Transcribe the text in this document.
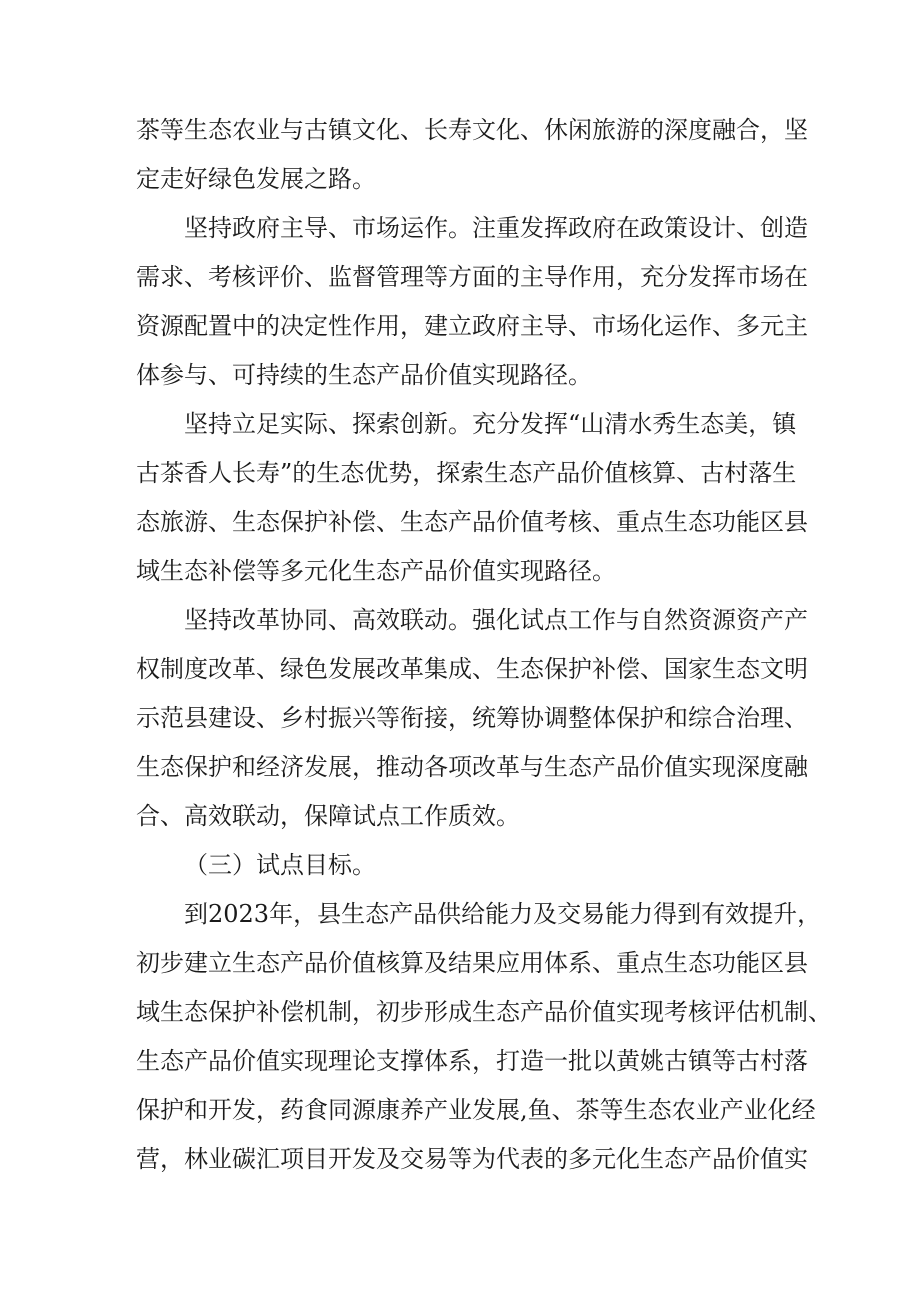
茶等生态农业与古镇文化、长寿文化、休闲旅游的深度融合，坚
定走好绿色发展之路。
坚持政府主导、市场运作。注重发挥政府在政策设计、创造
需求、考核评价、监督管理等方面的主导作用，充分发挥市场在
资源配置中的决定性作用，建立政府主导、市场化运作、多元主
体参与、可持续的生态产品价值实现路径。
坚持立足实际、探索创新。充分发挥“山清水秀生态美，镇
古茶香人长寿”的生态优势，探索生态产品价值核算、古村落生
态旅游、生态保护补偿、生态产品价值考核、重点生态功能区县
域生态补偿等多元化生态产品价值实现路径。
坚持改革协同、高效联动。强化试点工作与自然资源资产产
权制度改革、绿色发展改革集成、生态保护补偿、国家生态文明
示范县建设、乡村振兴等衔接，统筹协调整体保护和综合治理、
生态保护和经济发展，推动各项改革与生态产品价值实现深度融
合、高效联动，保障试点工作质效。
（三）试点目标。
到2023年，县生态产品供给能力及交易能力得到有效提升，
初步建立生态产品价值核算及结果应用体系、重点生态功能区县
域生态保护补偿机制，初步形成生态产品价值实现考核评估机制、
生态产品价值实现理论支撑体系，打造一批以黄姚古镇等古村落
保护和开发，药食同源康养产业发展,鱼、茶等生态农业产业化经
营，林业碳汇项目开发及交易等为代表的多元化生态产品价值实
